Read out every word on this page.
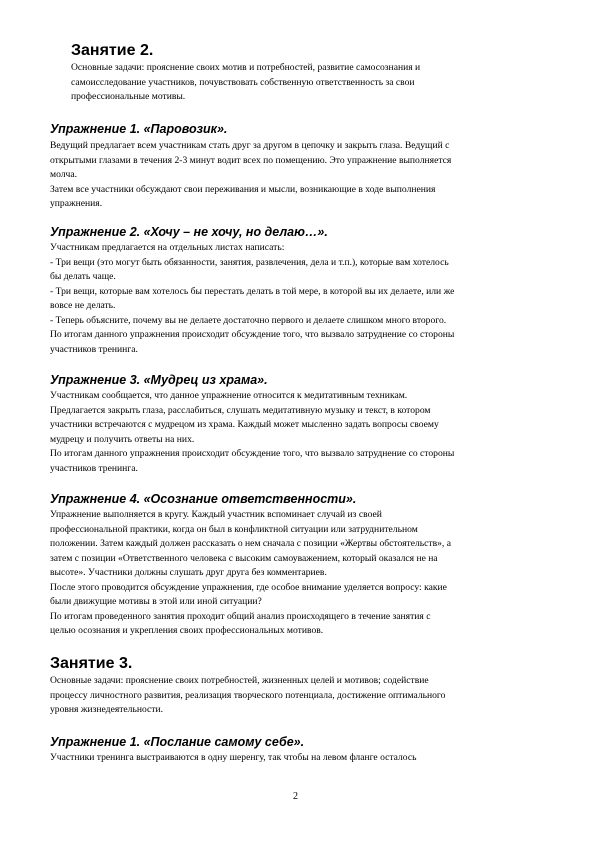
Занятие 2.
Основные задачи: прояснение своих мотив и потребностей, развитие самосознания и
самоисследование участников, почувствовать собственную ответственность за свои
профессиональные мотивы.
Упражнение 1. «Паровозик».
Ведущий предлагает всем участникам стать друг за другом в цепочку и закрыть глаза. Ведущий с
открытыми глазами в течения 2-3 минут водит всех по помещению. Это упражнение выполняется
молча.
Затем все участники обсуждают свои переживания и мысли, возникающие в ходе выполнения
упражнения.
Упражнение 2. «Хочу – не хочу, но делаю…».
Участникам предлагается на отдельных листах написать:
- Три вещи (это могут быть обязанности, занятия, развлечения, дела и т.п.), которые вам хотелось
бы делать чаще.
- Три вещи, которые вам хотелось бы перестать делать в той мере, в которой вы их делаете, или же
вовсе не делать.
- Теперь объясните, почему вы не делаете достаточно первого и делаете слишком много второго.
По итогам данного упражнения происходит обсуждение того, что вызвало затруднение со стороны
участников тренинга.
Упражнение 3. «Мудрец из храма».
Участникам сообщается, что данное упражнение относится к медитативным техникам.
Предлагается закрыть глаза, расслабиться, слушать медитативную музыку и текст, в котором
участники встречаются с мудрецом из храма. Каждый может мысленно задать вопросы своему
мудрецу и получить ответы на них.
По итогам данного упражнения происходит обсуждение того, что вызвало затруднение со стороны
участников тренинга.
Упражнение 4. «Осознание ответственности».
Упражнение выполняется в кругу. Каждый участник вспоминает случай из своей
профессиональной практики, когда он был в конфликтной ситуации или затруднительном
положении. Затем каждый должен рассказать о нем сначала с позиции «Жертвы обстоятельств», а
затем с позиции «Ответственного человека с высоким самоуважением, который оказался не на
высоте». Участники должны слушать друг друга без комментариев.
После этого проводится обсуждение упражнения, где особое внимание уделяется вопросу: какие
были движущие мотивы в этой или иной ситуации?
По итогам проведенного занятия проходит общий анализ происходящего в течение занятия с
целью осознания и укрепления своих профессиональных мотивов.
Занятие 3.
Основные задачи: прояснение своих потребностей, жизненных целей и мотивов; содействие
процессу личностного развития, реализация творческого потенциала, достижение оптимального
уровня жизнедеятельности.
Упражнение 1. «Послание самому себе».
Участники тренинга выстраиваются в одну шеренгу, так чтобы на левом фланге осталось
2
